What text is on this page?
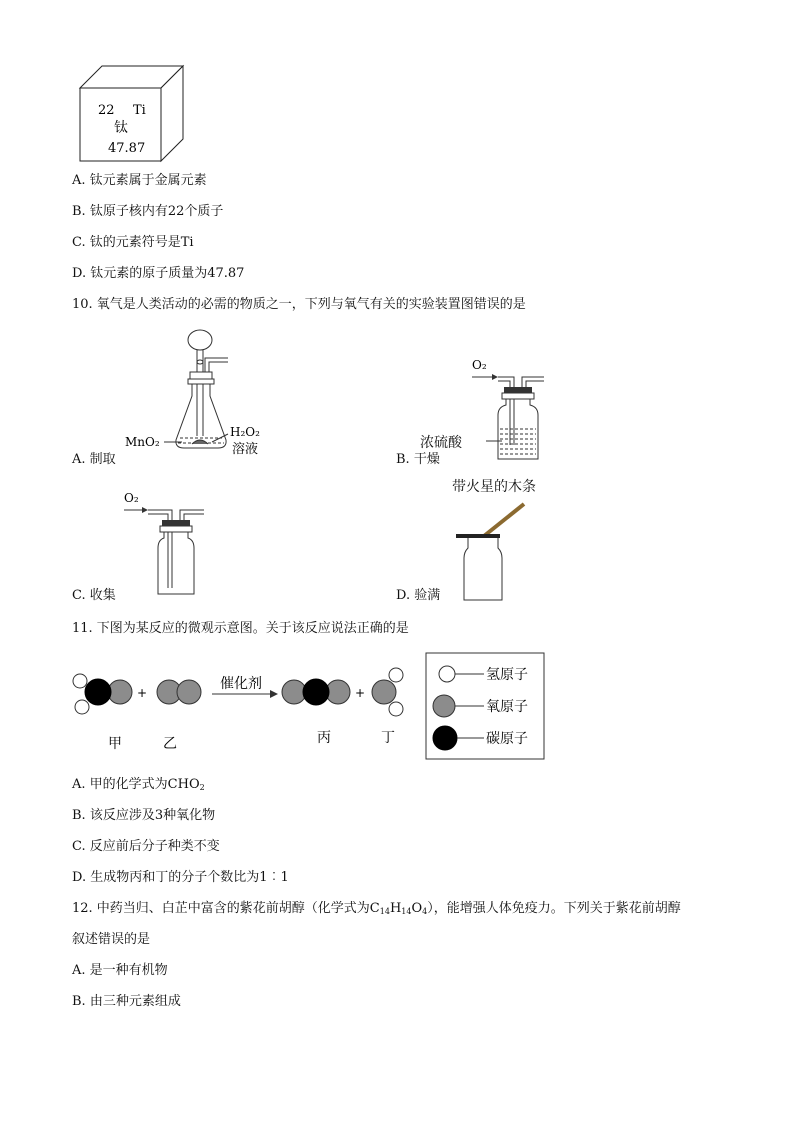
22 Ti
钛
47.87
A. 钛元素属于金属元素
B. 钛原子核内有22个质子
C. 钛的元素符号是Ti
D. 钛元素的原子质量为47.87
10. 氧气是人类活动的必需的物质之一，下列与氧气有关的实验装置图错误的是
MnO₂
H₂O₂
溶液
A. 制取
O₂
浓硫酸
B. 干燥
O₂
C. 收集
带火星的木条
D. 验满
11. 下图为某反应的微观示意图。关于该反应说法正确的是
+
催化剂
+
甲	乙	丙	丁
氢原子
氧原子
碳原子
A. 甲的化学式为$CHO_2$
B. 该反应涉及3种氧化物
C. 反应前后分子种类不变
D. 生成物丙和丁的分子个数比为1︰1
12. 中药当归、白芷中富含的紫花前胡醇（化学式为$C_{14}H_{14}O_4$），能增强人体免疫力。下列关于紫花前胡醇
叙述错误的是
A. 是一种有机物
B. 由三种元素组成
